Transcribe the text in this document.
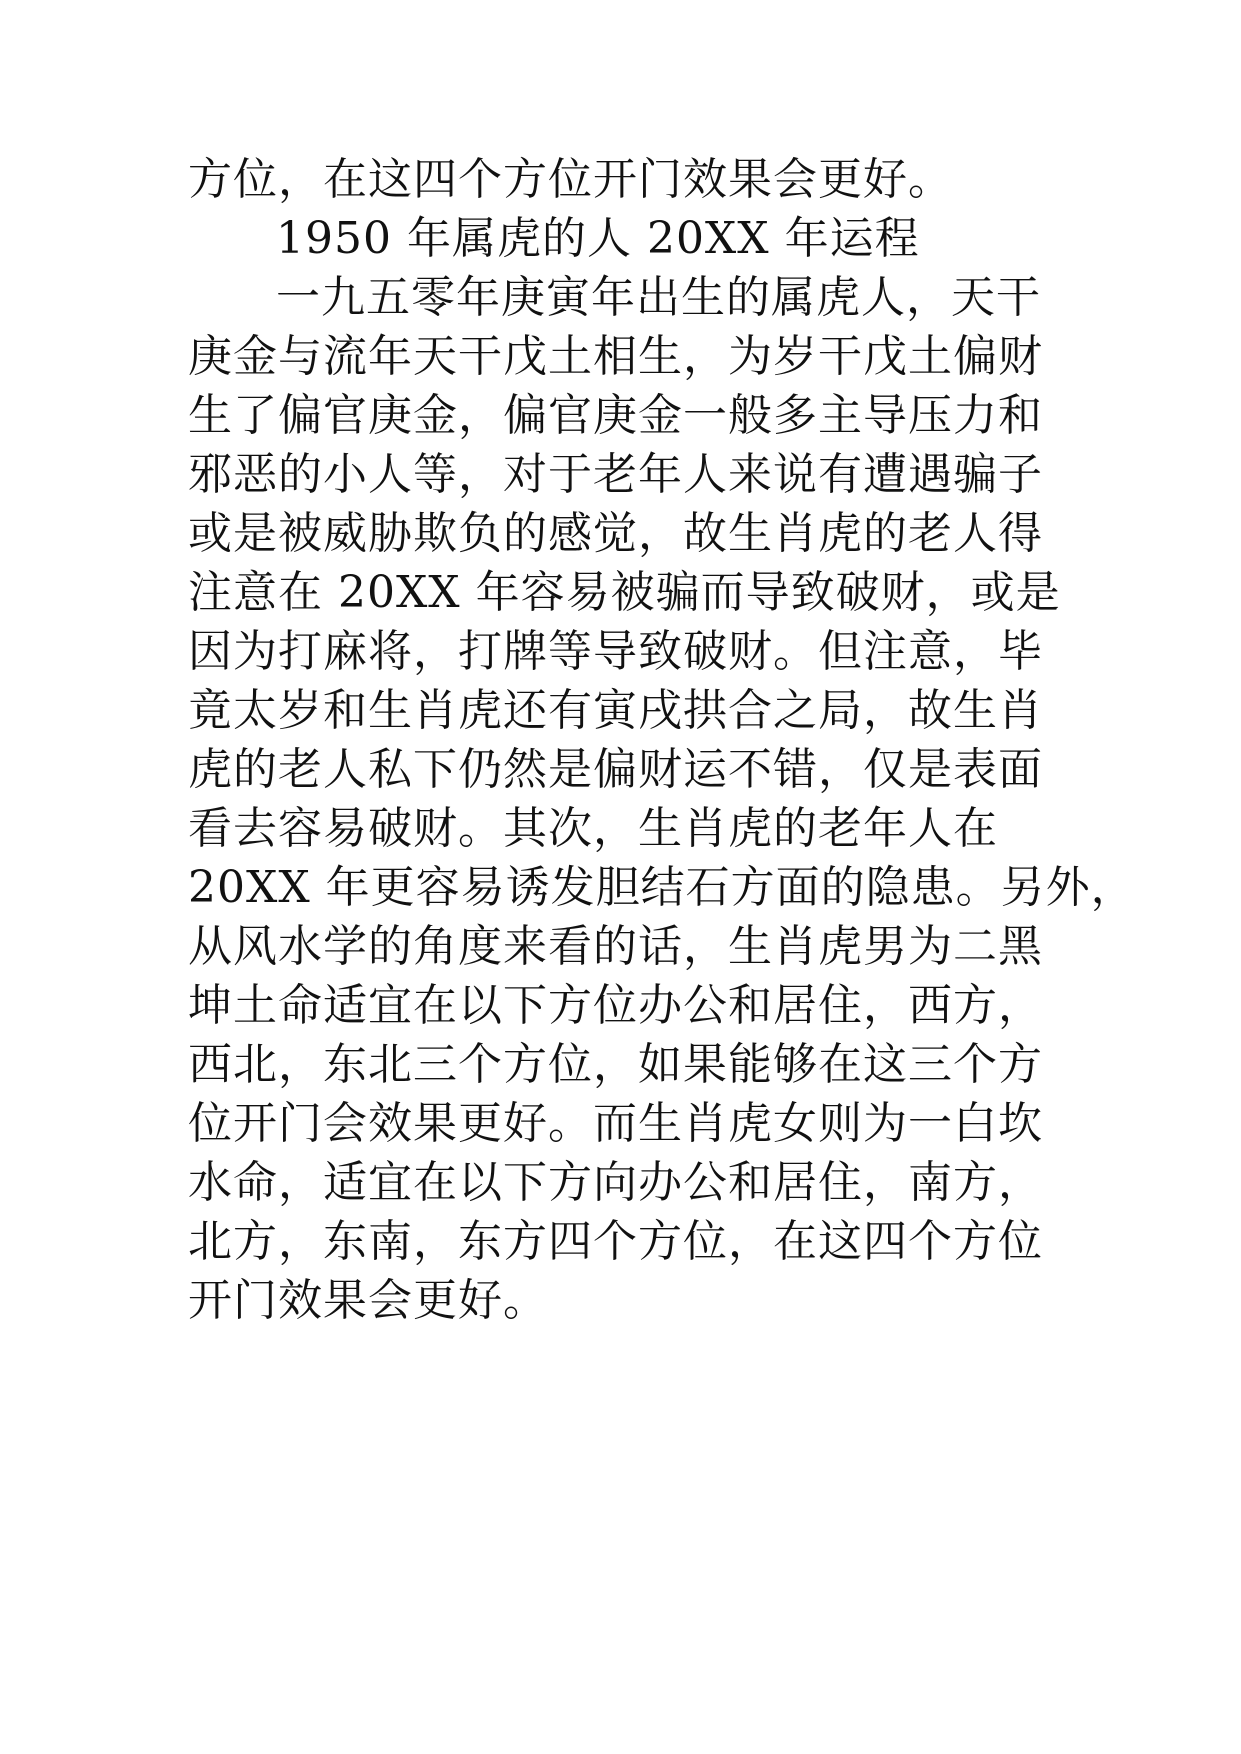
方位，在这四个方位开门效果会更好。
1950 年属虎的人 20XX 年运程
一九五零年庚寅年出生的属虎人，天干
庚金与流年天干戊土相生，为岁干戊土偏财
生了偏官庚金，偏官庚金一般多主导压力和
邪恶的小人等，对于老年人来说有遭遇骗子
或是被威胁欺负的感觉，故生肖虎的老人得
注意在 20XX 年容易被骗而导致破财，或是
因为打麻将，打牌等导致破财。但注意，毕
竟太岁和生肖虎还有寅戌拱合之局，故生肖
虎的老人私下仍然是偏财运不错，仅是表面
看去容易破财。其次，生肖虎的老年人在
20XX 年更容易诱发胆结石方面的隐患。另外，
从风水学的角度来看的话，生肖虎男为二黑
坤土命适宜在以下方位办公和居住，西方，
西北，东北三个方位，如果能够在这三个方
位开门会效果更好。而生肖虎女则为一白坎
水命，适宜在以下方向办公和居住，南方，
北方，东南，东方四个方位，在这四个方位
开门效果会更好。
